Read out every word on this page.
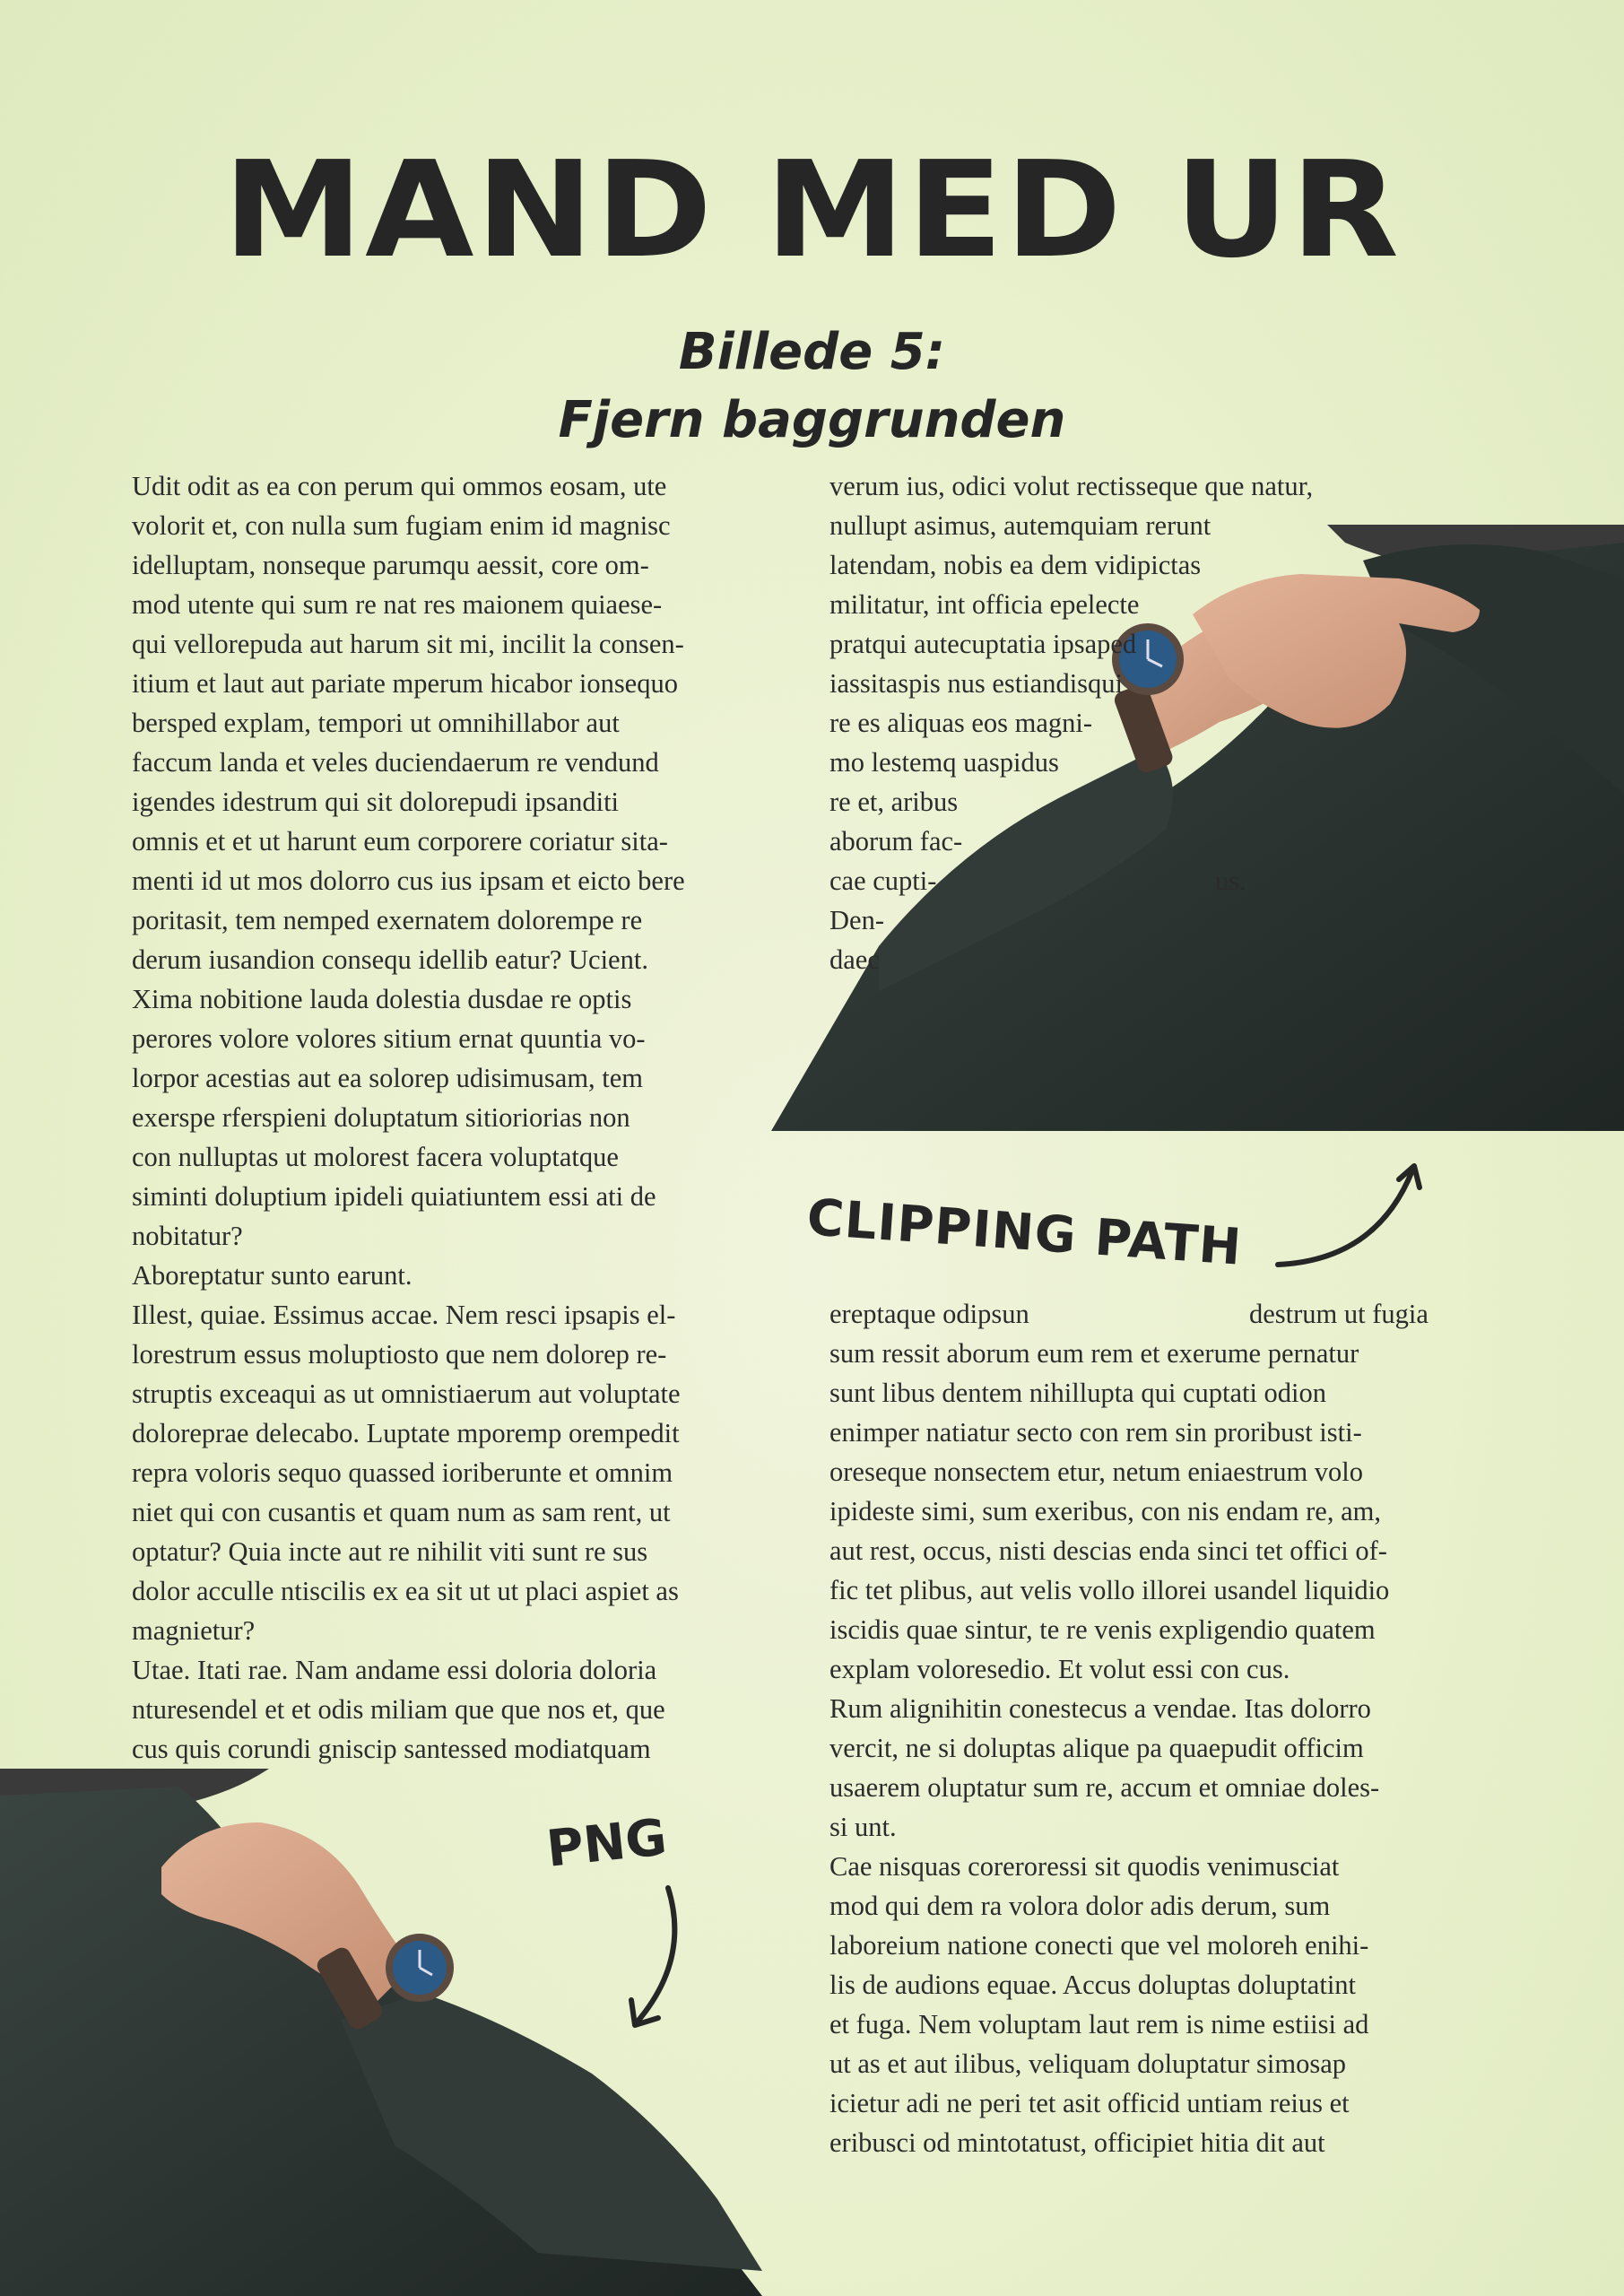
MAND MED UR
Billede 5:
Fjern baggrunden
Udit odit as ea con perum qui ommos eosam, ute
volorit et, con nulla sum fugiam enim id magnisc
idelluptam, nonseque parumqu aessit, core om-
mod utente qui sum re nat res maionem quiaese-
qui vellorepuda aut harum sit mi, incilit la consen-
itium et laut aut pariate mperum hicabor ionsequo
bersped explam, tempori ut omnihillabor aut
faccum landa et veles duciendaerum re vendund
igendes idestrum qui sit dolorepudi ipsanditi
omnis et et ut harunt eum corporere coriatur sita-
menti id ut mos dolorro cus ius ipsam et eicto bere
poritasit, tem nemped exernatem dolorempe re
derum iusandion consequ idellib eatur? Ucient.
Xima nobitione lauda dolestia dusdae re optis
perores volore volores sitium ernat quuntia vo-
lorpor acestias aut ea solorep udisimusam, tem
exerspe rferspieni doluptatum sitioriorias non
con nulluptas ut molorest facera voluptatque
siminti doluptium ipideli quiatiuntem essi ati de
nobitatur?
Aboreptatur sunto earunt.
Illest, quiae. Essimus accae. Nem resci ipsapis el-
lorestrum essus moluptiosto que nem dolorep re-
struptis exceaqui as ut omnistiaerum aut voluptate
doloreprae delecabo. Luptate mporemp orempedit
repra voloris sequo quassed ioriberunte et omnim
niet qui con cusantis et quam num as sam rent, ut
optatur? Quia incte aut re nihilit viti sunt re sus
dolor acculle ntiscilis ex ea sit ut ut placi aspiet as
magnietur?
Utae. Itati rae. Nam andame essi doloria doloria
nturesendel et et odis miliam que que nos et, que
cus quis corundi gniscip santessed modiatquam
verum ius, odici volut rectisseque que natur,
nullupt asimus, autemquiam rerunt
latendam, nobis ea dem vidipictas
militatur, int officia epelecte
pratqui autecuptatia ipsaped
iassitaspis nus estiandisqui
re es aliquas eos magni-
mo lestemq uaspidus
re et, aribus
aborum fac-
cae cupti-
Den-
daec
us.
ereptaque odipsun	destrum ut fugia
sum ressit aborum eum rem et exerume pernatur
sunt libus dentem nihillupta qui cuptati odion
enimper natiatur secto con rem sin proribust isti-
oreseque nonsectem etur, netum eniaestrum volo
ipideste simi, sum exeribus, con nis endam re, am,
aut rest, occus, nisti descias enda sinci tet offici of-
fic tet plibus, aut velis vollo illorei usandel liquidio
iscidis quae sintur, te re venis expligendio quatem
explam voloresedio. Et volut essi con cus.
Rum alignihitin conestecus a vendae. Itas dolorro
vercit, ne si doluptas alique pa quaepudit officim
usaerem oluptatur sum re, accum et omniae doles-
si unt.
Cae nisquas coreroressi sit quodis venimusciat
mod qui dem ra volora dolor adis derum, sum
laboreium natione conecti que vel moloreh enihi-
lis de audions equae. Accus doluptas doluptatint
et fuga. Nem voluptam laut rem is nime estiisi ad
ut as et aut ilibus, veliquam doluptatur simosap
icietur adi ne peri tet asit officid untiam reius et
eribusci od mintotatust, officipiet hitia dit aut
CLIPPING PATH
PNG
